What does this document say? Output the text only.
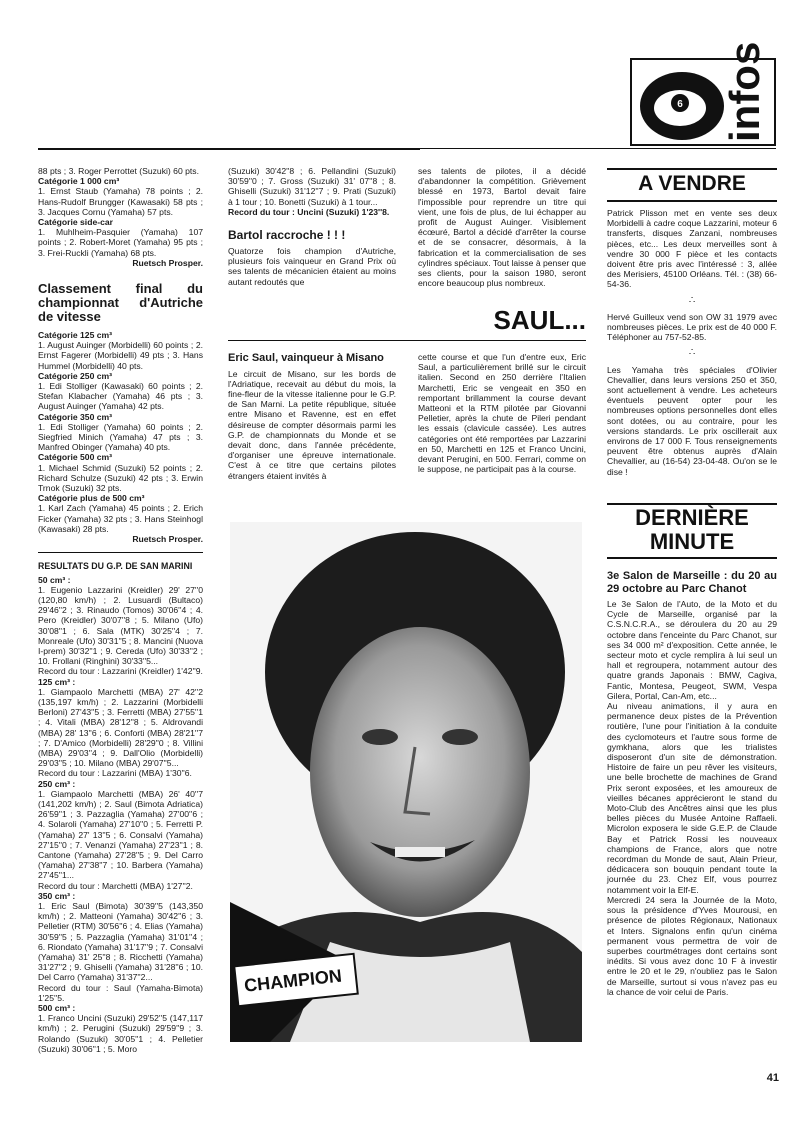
6 infos

88 pts ; 3. Roger Perrottet (Suzuki) 60 pts.

Catégorie 1 000 cm³

1. Ernst Staub (Yamaha) 78 points ; 2. Hans-Rudolf Brungger (Kawasaki) 58 pts ; 3. Jacques Cornu (Yamaha) 57 pts.

Catégorie side-car

1. Muhlheim-Pasquier (Yamaha) 107 points ; 2. Robert-Moret (Yamaha) 95 pts ; 3. Frei-Ruckli (Yamaha) 68 pts.

Ruetsch Prosper.

Classement final du championnat d'Autriche de vitesse

Catégorie 125 cm³

1. August Auinger (Morbidelli) 60 points ; 2. Ernst Fagerer (Morbidelli) 49 pts ; 3. Hans Hummel (Morbidelli) 40 pts.

Catégorie 250 cm³

1. Edi Stolliger (Kawasaki) 60 points ; 2. Stefan Klabacher (Yamaha) 46 pts ; 3. August Auinger (Yamaha) 42 pts.

Catégorie 350 cm³

1. Edi Stolliger (Yamaha) 60 points ; 2. Siegfried Minich (Yamaha) 47 pts ; 3. Manfred Obinger (Yamaha) 40 pts.

Catégorie 500 cm³

1. Michael Schmid (Suzuki) 52 points ; 2. Richard Schulze (Suzuki) 42 pts ; 3. Erwin Trnok (Suzuki) 32 pts.

Catégorie plus de 500 cm³

1. Karl Zach (Yamaha) 45 points ; 2. Erich Ficker (Yamaha) 32 pts ; 3. Hans Steinhogl (Kawasaki) 28 pts.

Ruetsch Prosper.

RESULTATS DU G.P. DE SAN MARINI

50 cm³ :

1. Eugenio Lazzarini (Kreidler) 29' 27''0 (120,80 km/h) ; 2. Lusuardi (Bultaco) 29'46''2 ; 3. Rinaudo (Tomos) 30'06''4 ; 4. Pero (Kreidler) 30'07''8 ; 5. Milano (Ufo) 30'08''1 ; 6. Sala (MTK) 30'25''4 ; 7. Monreale (Ufo) 30'31''5 ; 8. Mancini (Nuova I-prem) 30'32''1 ; 9. Cereda (Ufo) 30'33''2 ; 10. Frollani (Ringhini) 30'33''5...

Record du tour : Lazzarini (Kreidler) 1'42''9.

125 cm³ :

1. Giampaolo Marchetti (MBA) 27' 42''2 (135,197 km/h) ; 2. Lazzarini (Morbidelli Berloni) 27'43''5 ; 3. Ferretti (MBA) 27'55''1 ; 4. Vitali (MBA) 28'12''8 ; 5. Aldrovandi (MBA) 28' 13''6 ; 6. Conforti (MBA) 28'21''7 ; 7. D'Amico (Morbidelli) 28'29''0 ; 8. Villini (MBA) 29'03''4 ; 9. Dall'Olio (Morbidelli) 29'03''5 ; 10. Milano (MBA) 29'07''5...

Record du tour : Lazzarini (MBA) 1'30''6.

250 cm³ :

1. Giampaolo Marchetti (MBA) 26' 40''7 (141,202 km/h) ; 2. Saul (Bimota Adriatica) 26'59''1 ; 3. Pazzaglia (Yamaha) 27'00''6 ; 4. Solaroli (Yamaha) 27'10''0 ; 5. Ferretti P. (Yamaha) 27' 13''5 ; 6. Consalvi (Yamaha) 27'15''0 ; 7. Venanzi (Yamaha) 27'23''1 ; 8. Cantone (Yamaha) 27'28''5 ; 9. Del Carro (Yamaha) 27'38''7 ; 10. Barbera (Yamaha) 27'45''1...

Record du tour : Marchetti (MBA) 1'27''2.

350 cm³ :

1. Eric Saul (Bimota) 30'39''5 (143,350 km/h) ; 2. Matteoni (Yamaha) 30'42''6 ; 3. Pelletier (RTM) 30'56''6 ; 4. Elias (Yamaha) 30'59''5 ; 5. Pazzaglia (Yamaha) 31'01''4 ; 6. Riondato (Yamaha) 31'17''9 ; 7. Consalvi (Yamaha) 31' 25''8 ; 8. Ricchetti (Yamaha) 31'27''2 ; 9. Ghiselli (Yamaha) 31'28''6 ; 10. Del Carro (Yamaha) 31'37''2...

Record du tour : Saul (Yamaha-Bimota) 1'25''5.

500 cm³ :

1. Franco Uncini (Suzuki) 29'52''5 (147,117 km/h) ; 2. Perugini (Suzuki) 29'59''9 ; 3. Rolando (Suzuki) 30'05''1 ; 4. Pelletier (Suzuki) 30'06''1 ; 5. Moro

(Suzuki) 30'42''8 ; 6. Pellandini (Suzuki) 30'59''0 ; 7. Gross (Suzuki) 31' 07''8 ; 8. Ghiselli (Suzuki) 31'12''7 ; 9. Prati (Suzuki) à 1 tour ; 10. Bonetti (Suzuki) à 1 tour...

Record du tour : Uncini (Suzuki) 1'23''8.

Bartol raccroche ! ! !

Quatorze fois champion d'Autriche, plusieurs fois vainqueur en Grand Prix où ses talents de mécanicien étaient au moins autant redoutés que

ses talents de pilotes, il a décidé d'abandonner la compétition. Grièvement blessé en 1973, Bartol devait faire l'impossible pour reprendre un titre qui vient, une fois de plus, de lui échapper au profit de August Auinger. Visiblement écœuré, Bartol a décidé d'arrêter la course et de se consacrer, désormais, à la fabrication et la commercialisation de ses cylindres spéciaux. Tout laisse à penser que ses clients, pour la saison 1980, seront encore beaucoup plus nombreux.

SAUL...
Eric Saul, vainqueur à Misano

Le circuit de Misano, sur les bords de l'Adriatique, recevait au début du mois, la fine-fleur de la vitesse italienne pour le G.P. de San Marni. La petite république, située entre Misano et Ravenne, est en effet désireuse de compter désormais parmi les G.P. de championnats du Monde et se devait donc, dans l'année précédente, d'organiser une épreuve internationale. C'est à ce titre que certains pilotes étrangers étaient invités à

cette course et que l'un d'entre eux, Eric Saul, a particulièrement brillé sur le circuit italien. Second en 250 derrière l'Italien Marchetti, Eric se vengeait en 350 en remportant brillamment la course devant Matteoni et la RTM pilotée par Giovanni Pelletier, après la chute de Pileri pendant les essais (clavicule cassée). Les autres catégories ont été remportées par Lazzarini en 50, Marchetti en 125 et Franco Uncini, devant Perugini, en 500. Ferrari, comme on le suppose, ne participait pas à la course.

CHAMPION
A VENDRE

Patrick Plisson met en vente ses deux Morbidelli à cadre coque Lazzarini, moteur 6 transferts, disques Zanzani, nombreuses pièces, etc... Les deux merveilles sont à vendre 30 000 F pièce et les contacts doivent être pris avec l'intéressé : 3, allée des Merisiers, 45100 Orléans. Tél. : (38) 66-54-36.

∴

Hervé Guilleux vend son OW 31 1979 avec nombreuses pièces. Le prix est de 40 000 F. Téléphoner au 757-52-85.

∴

Les Yamaha très spéciales d'Olivier Chevallier, dans leurs versions 250 et 350, sont actuellement à vendre. Les acheteurs éventuels peuvent opter pour les nombreuses options personnelles dont elles sont dotées, ou au contraire, pour les versions standards. Le prix oscillerait aux environs de 17 000 F. Tous renseignements peuvent être obtenus auprès d'Alain Chevallier, au (16-54) 23-04-48. Ou'on se le dise !

DERNIÈRE
MINUTE
3e Salon de Marseille : du 20 au 29 octobre au Parc Chanot

Le 3e Salon de l'Auto, de la Moto et du Cycle de Marseille, organisé par la C.S.N.C.R.A., se déroulera du 20 au 29 octobre dans l'enceinte du Parc Chanot, sur ses 34 000 m² d'exposition. Cette année, le secteur moto et cycle remplira à lui seul un hall et regroupera, notamment autour des quatre grands Japonais : BMW, Cagiva, Fantic, Montesa, Peugeot, SWM, Vespa Gilera, Portal, Can-Am, etc...

Au niveau animations, il y aura en permanence deux pistes de la Prévention routière, l'une pour l'initiation à la conduite des cyclomoteurs et l'autre sous forme de gymkhana, alors que les trialistes disposeront d'un site de démonstration. Histoire de faire un peu rêver les visiteurs, une belle brochette de machines de Grand Prix seront exposées, et les amoureux de vieilles bécanes apprécieront le stand du Moto-Club des Ancêtres ainsi que les plus belles pièces du Musée Antoine Raffaeli. Microlon exposera le side G.E.P. de Claude Bay et Patrick Rossi les nouveaux champions de France, alors que notre recordman du Monde de saut, Alain Prieur, dédicacera son bouquin pendant toute la journée du 23. Chez Elf, vous pourrez notamment voir la Elf-E.

Mercredi 24 sera la Journée de la Moto, sous la présidence d'Yves Mourousi, en présence de pilotes Régionaux, Nationaux et Inters. Signalons enfin qu'un cinéma permanent vous permettra de voir de superbes courtmétrages dont certains sont inédits. Si vous avez donc 10 F à investir entre le 20 et le 29, n'oubliez pas le Salon de Marseille, surtout si vous n'avez pas eu la chance de voir celui de Paris.

41
